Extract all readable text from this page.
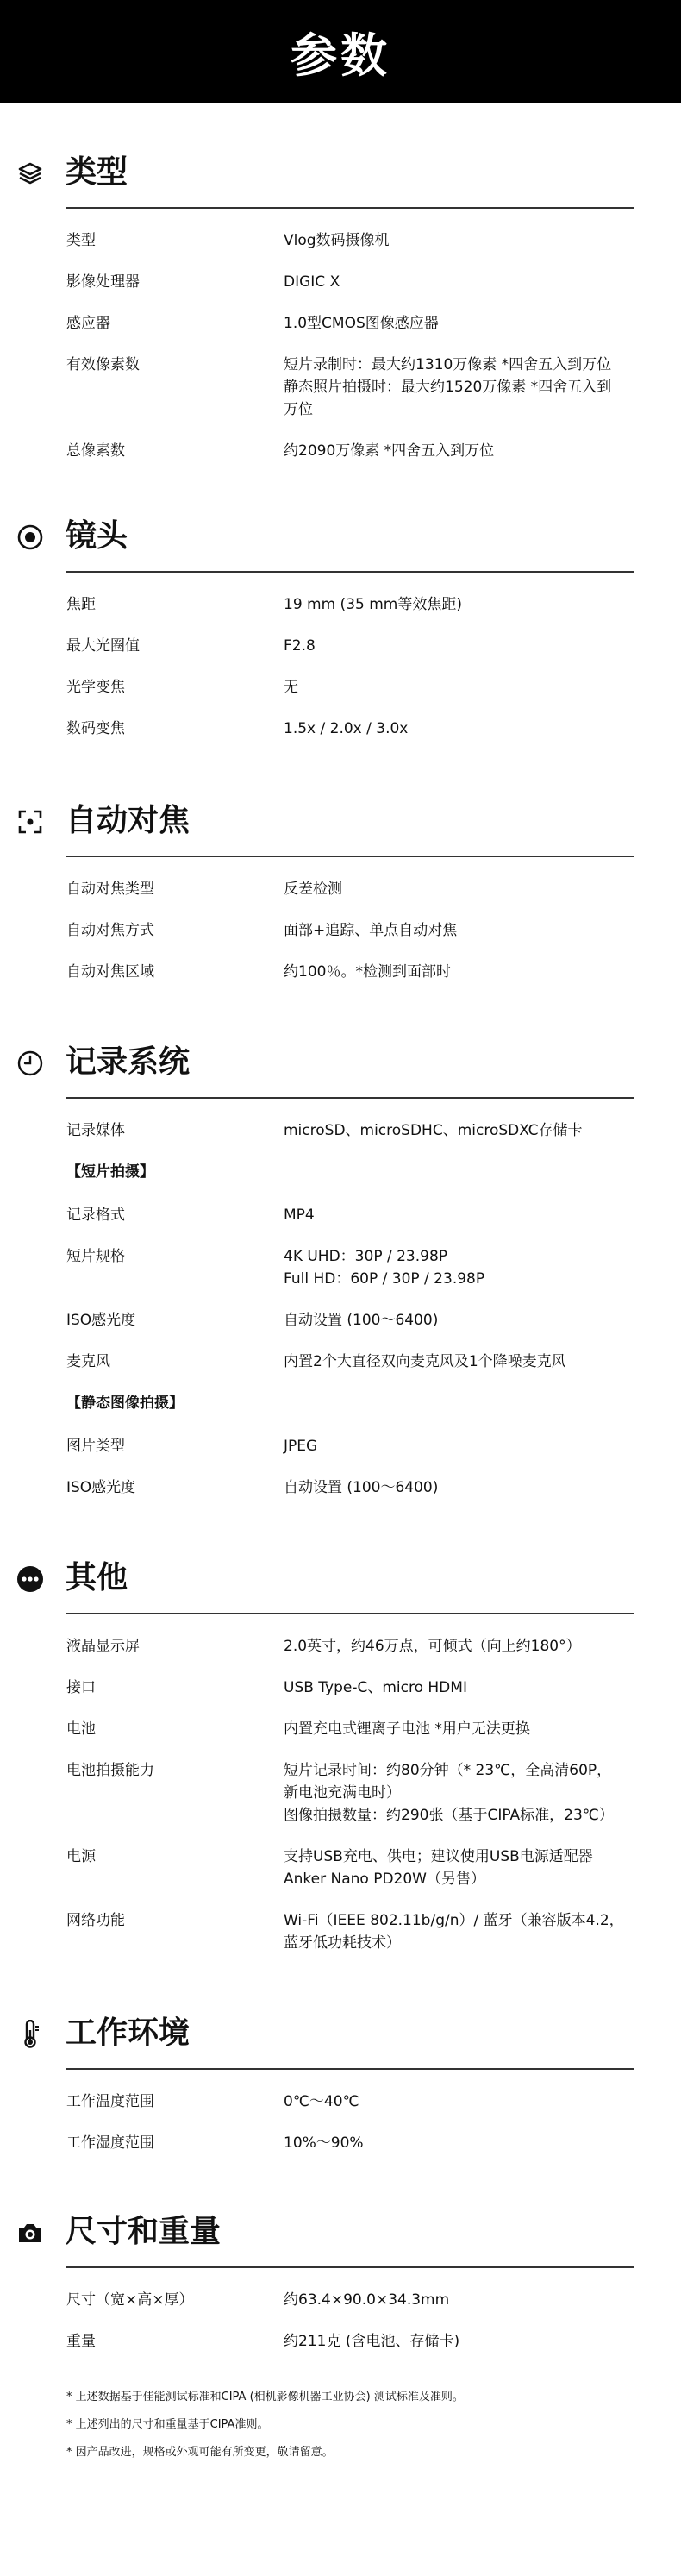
参数
类型
类型	Vlog数码摄像机
影像处理器	DIGIC X
感应器	1.0型CMOS图像感应器
有效像素数	短片录制时：最大约1310万像素 *四舍五入到万位
静态照片拍摄时：最大约1520万像素 *四舍五入到
万位
总像素数	约2090万像素 *四舍五入到万位
镜头
焦距	19 mm (35 mm等效焦距)
最大光圈值	F2.8
光学变焦	无
数码变焦	1.5x / 2.0x / 3.0x
自动对焦
自动对焦类型	反差检测
自动对焦方式	面部+追踪、单点自动对焦
自动对焦区域	约100％。*检测到面部时
记录系统
记录媒体	microSD、microSDHC、microSDXC存储卡
【短片拍摄】
记录格式	MP4
短片规格	4K UHD：30P / 23.98P
Full HD：60P / 30P / 23.98P
ISO感光度	自动设置 (100～6400)
麦克风	内置2个大直径双向麦克风及1个降噪麦克风
【静态图像拍摄】
图片类型	JPEG
ISO感光度	自动设置 (100～6400)
其他
液晶显示屏	2.0英寸，约46万点，可倾式（向上约180°）
接口	USB Type-C、micro HDMI
电池	内置充电式锂离子电池 *用户无法更换
电池拍摄能力	短片记录时间：约80分钟（* 23℃，全高清60P，
新电池充满电时）
图像拍摄数量：约290张（基于CIPA标准，23℃）
电源	支持USB充电、供电；建议使用USB电源适配器
Anker Nano PD20W（另售）
网络功能	Wi-Fi（IEEE 802.11b/g/n）/ 蓝牙（兼容版本4.2，
蓝牙低功耗技术）
工作环境
工作温度范围	0℃～40℃
工作湿度范围	10%～90%
尺寸和重量
尺寸（宽×高×厚）	约63.4×90.0×34.3mm
重量	约211克 (含电池、存储卡)

* 上述数据基于佳能测试标准和CIPA (相机影像机器工业协会) 测试标准及准则。

* 上述列出的尺寸和重量基于CIPA准则。

* 因产品改进，规格或外观可能有所变更，敬请留意。
